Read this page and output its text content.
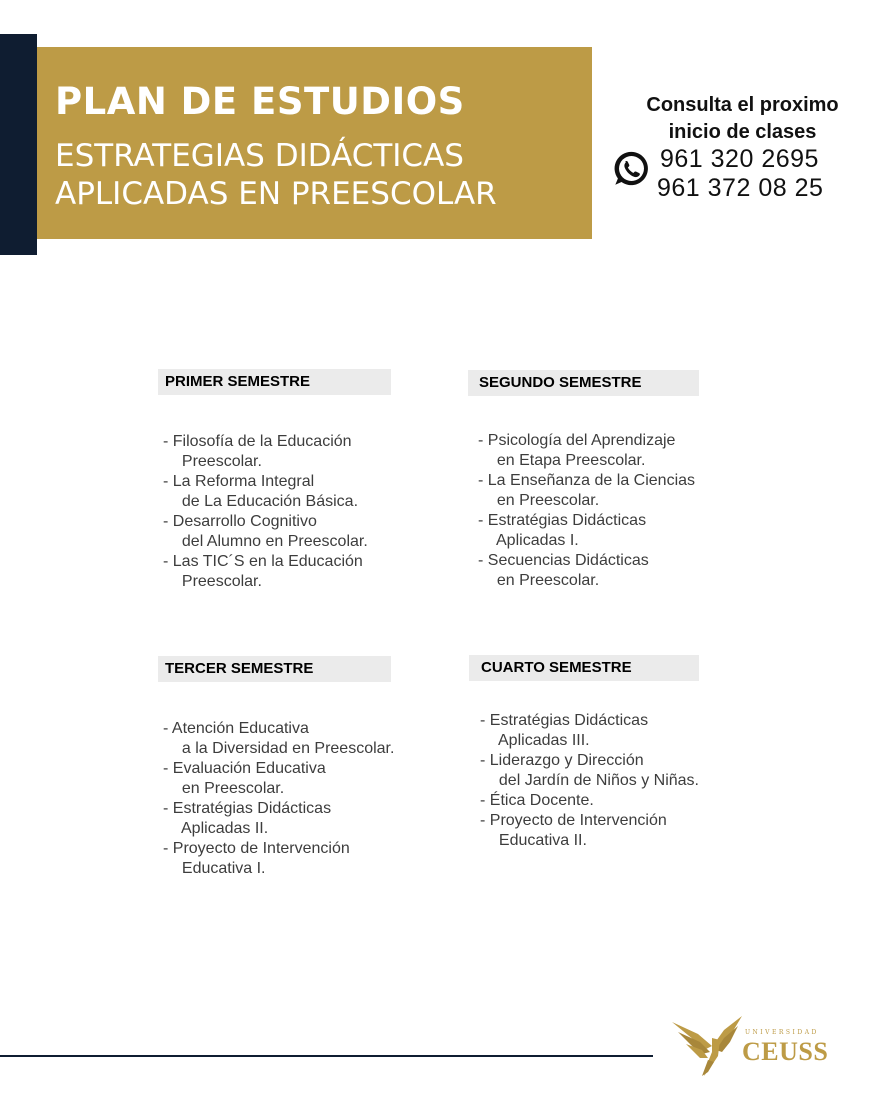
PLAN DE ESTUDIOS
ESTRATEGIAS DIDÁCTICAS
APLICADAS EN PREESCOLAR
Consulta el proximo
inicio de clases
961 320 2695
961 372 08 25
PRIMER SEMESTRE
- Filosofía de la Educación
Preescolar.
- La Reforma Integral
de La Educación Básica.
- Desarrollo Cognitivo
del Alumno en Preescolar.
- Las TIC´S en la Educación
Preescolar.
SEGUNDO SEMESTRE
- Psicología del Aprendizaje
en Etapa Preescolar.
- La Enseñanza de la Ciencias
en Preescolar.
- Estratégias Didácticas
Aplicadas I.
- Secuencias Didácticas
en Preescolar.
TERCER SEMESTRE
- Atención Educativa
a la Diversidad en Preescolar.
- Evaluación Educativa
en Preescolar.
- Estratégias Didácticas
Aplicadas II.
- Proyecto de Intervención
Educativa I.
CUARTO SEMESTRE
- Estratégias Didácticas
Aplicadas III.
- Liderazgo y Dirección
del Jardín de Niños y Niñas.
- Ética Docente.
- Proyecto de Intervención
Educativa II.
UNIVERSIDAD
CEUSS
